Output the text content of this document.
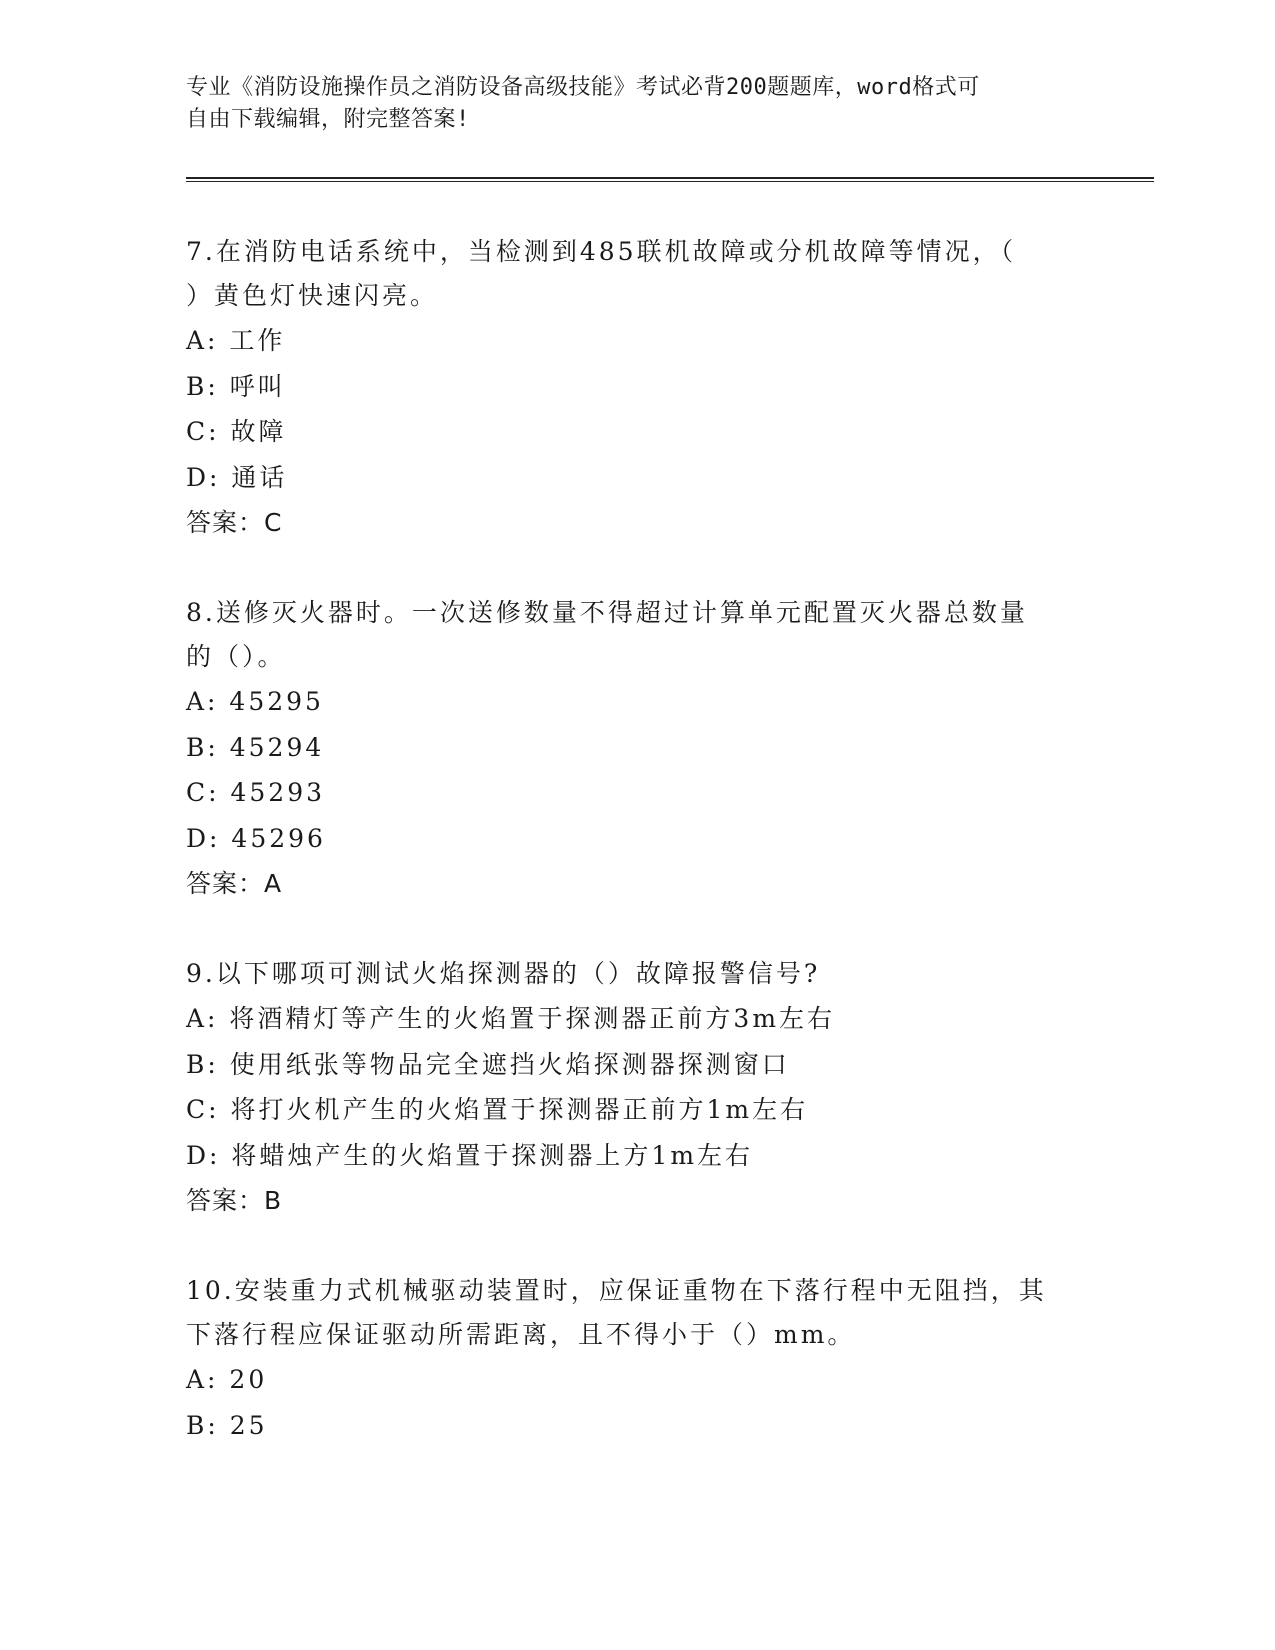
专业《消防设施操作员之消防设备高级技能》考试必背200题题库，word格式可
自由下载编辑，附完整答案!

7.在消防电话系统中，当检测到485联机故障或分机故障等情况，（

）黄色灯快速闪亮。

A: 工作

B: 呼叫

C: 故障

D: 通话

答案：C

8.送修灭火器时。一次送修数量不得超过计算单元配置灭火器总数量

的（）。

A: 45295

B: 45294

C: 45293

D: 45296

答案：A

9.以下哪项可测试火焰探测器的（）故障报警信号?

A: 将酒精灯等产生的火焰置于探测器正前方3m左右

B: 使用纸张等物品完全遮挡火焰探测器探测窗口

C: 将打火机产生的火焰置于探测器正前方1m左右

D: 将蜡烛产生的火焰置于探测器上方1m左右

答案：B

10.安装重力式机械驱动装置时，应保证重物在下落行程中无阻挡，其

下落行程应保证驱动所需距离，且不得小于（）mm。

A: 20

B: 25
